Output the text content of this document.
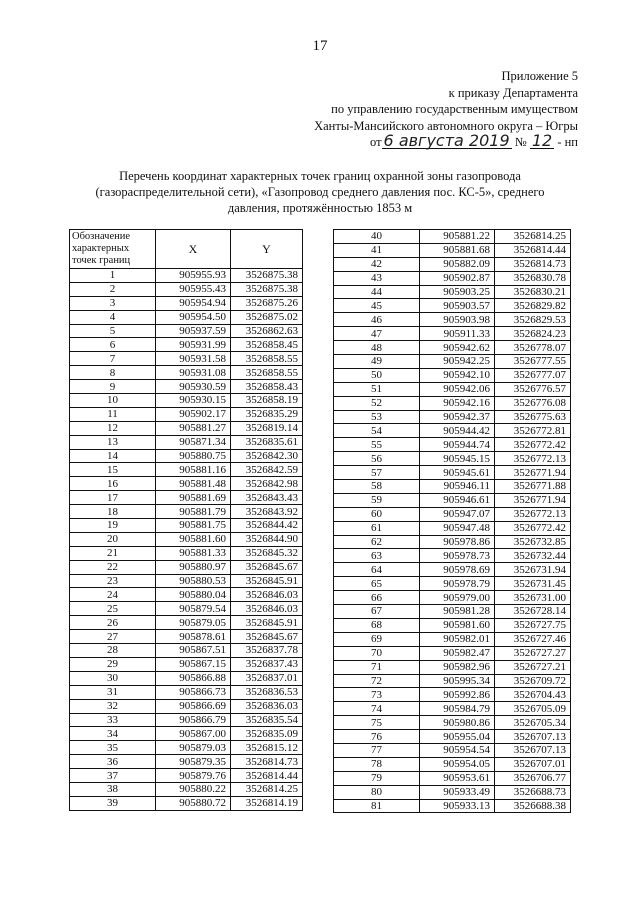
17
Приложение 5
к приказу Департамента
по управлению государственным имуществом
Ханты-Мансийского автономного округа – Югры
от 6 августа 2019 № 12 - нп
Перечень координат характерных точек границ охранной зоны газопровода
(газораспределительной сети), «Газопровод среднего давления пос. КС-5», среднего
давления, протяжённостью 1853 м
Обозначение характерных точек границ	X	Y
1	905955.93	3526875.38
2	905955.43	3526875.38
3	905954.94	3526875.26
4	905954.50	3526875.02
5	905937.59	3526862.63
6	905931.99	3526858.45
7	905931.58	3526858.55
8	905931.08	3526858.55
9	905930.59	3526858.43
10	905930.15	3526858.19
11	905902.17	3526835.29
12	905881.27	3526819.14
13	905871.34	3526835.61
14	905880.75	3526842.30
15	905881.16	3526842.59
16	905881.48	3526842.98
17	905881.69	3526843.43
18	905881.79	3526843.92
19	905881.75	3526844.42
20	905881.60	3526844.90
21	905881.33	3526845.32
22	905880.97	3526845.67
23	905880.53	3526845.91
24	905880.04	3526846.03
25	905879.54	3526846.03
26	905879.05	3526845.91
27	905878.61	3526845.67
28	905867.51	3526837.78
29	905867.15	3526837.43
30	905866.88	3526837.01
31	905866.73	3526836.53
32	905866.69	3526836.03
33	905866.79	3526835.54
34	905867.00	3526835.09
35	905879.03	3526815.12
36	905879.35	3526814.73
37	905879.76	3526814.44
38	905880.22	3526814.25
39	905880.72	3526814.19
40	905881.22	3526814.25
41	905881.68	3526814.44
42	905882.09	3526814.73
43	905902.87	3526830.78
44	905903.25	3526830.21
45	905903.57	3526829.82
46	905903.98	3526829.53
47	905911.33	3526824.23
48	905942.62	3526778.07
49	905942.25	3526777.55
50	905942.10	3526777.07
51	905942.06	3526776.57
52	905942.16	3526776.08
53	905942.37	3526775.63
54	905944.42	3526772.81
55	905944.74	3526772.42
56	905945.15	3526772.13
57	905945.61	3526771.94
58	905946.11	3526771.88
59	905946.61	3526771.94
60	905947.07	3526772.13
61	905947.48	3526772.42
62	905978.86	3526732.85
63	905978.73	3526732.44
64	905978.69	3526731.94
65	905978.79	3526731.45
66	905979.00	3526731.00
67	905981.28	3526728.14
68	905981.60	3526727.75
69	905982.01	3526727.46
70	905982.47	3526727.27
71	905982.96	3526727.21
72	905995.34	3526709.72
73	905992.86	3526704.43
74	905984.79	3526705.09
75	905980.86	3526705.34
76	905955.04	3526707.13
77	905954.54	3526707.13
78	905954.05	3526707.01
79	905953.61	3526706.77
80	905933.49	3526688.73
81	905933.13	3526688.38
